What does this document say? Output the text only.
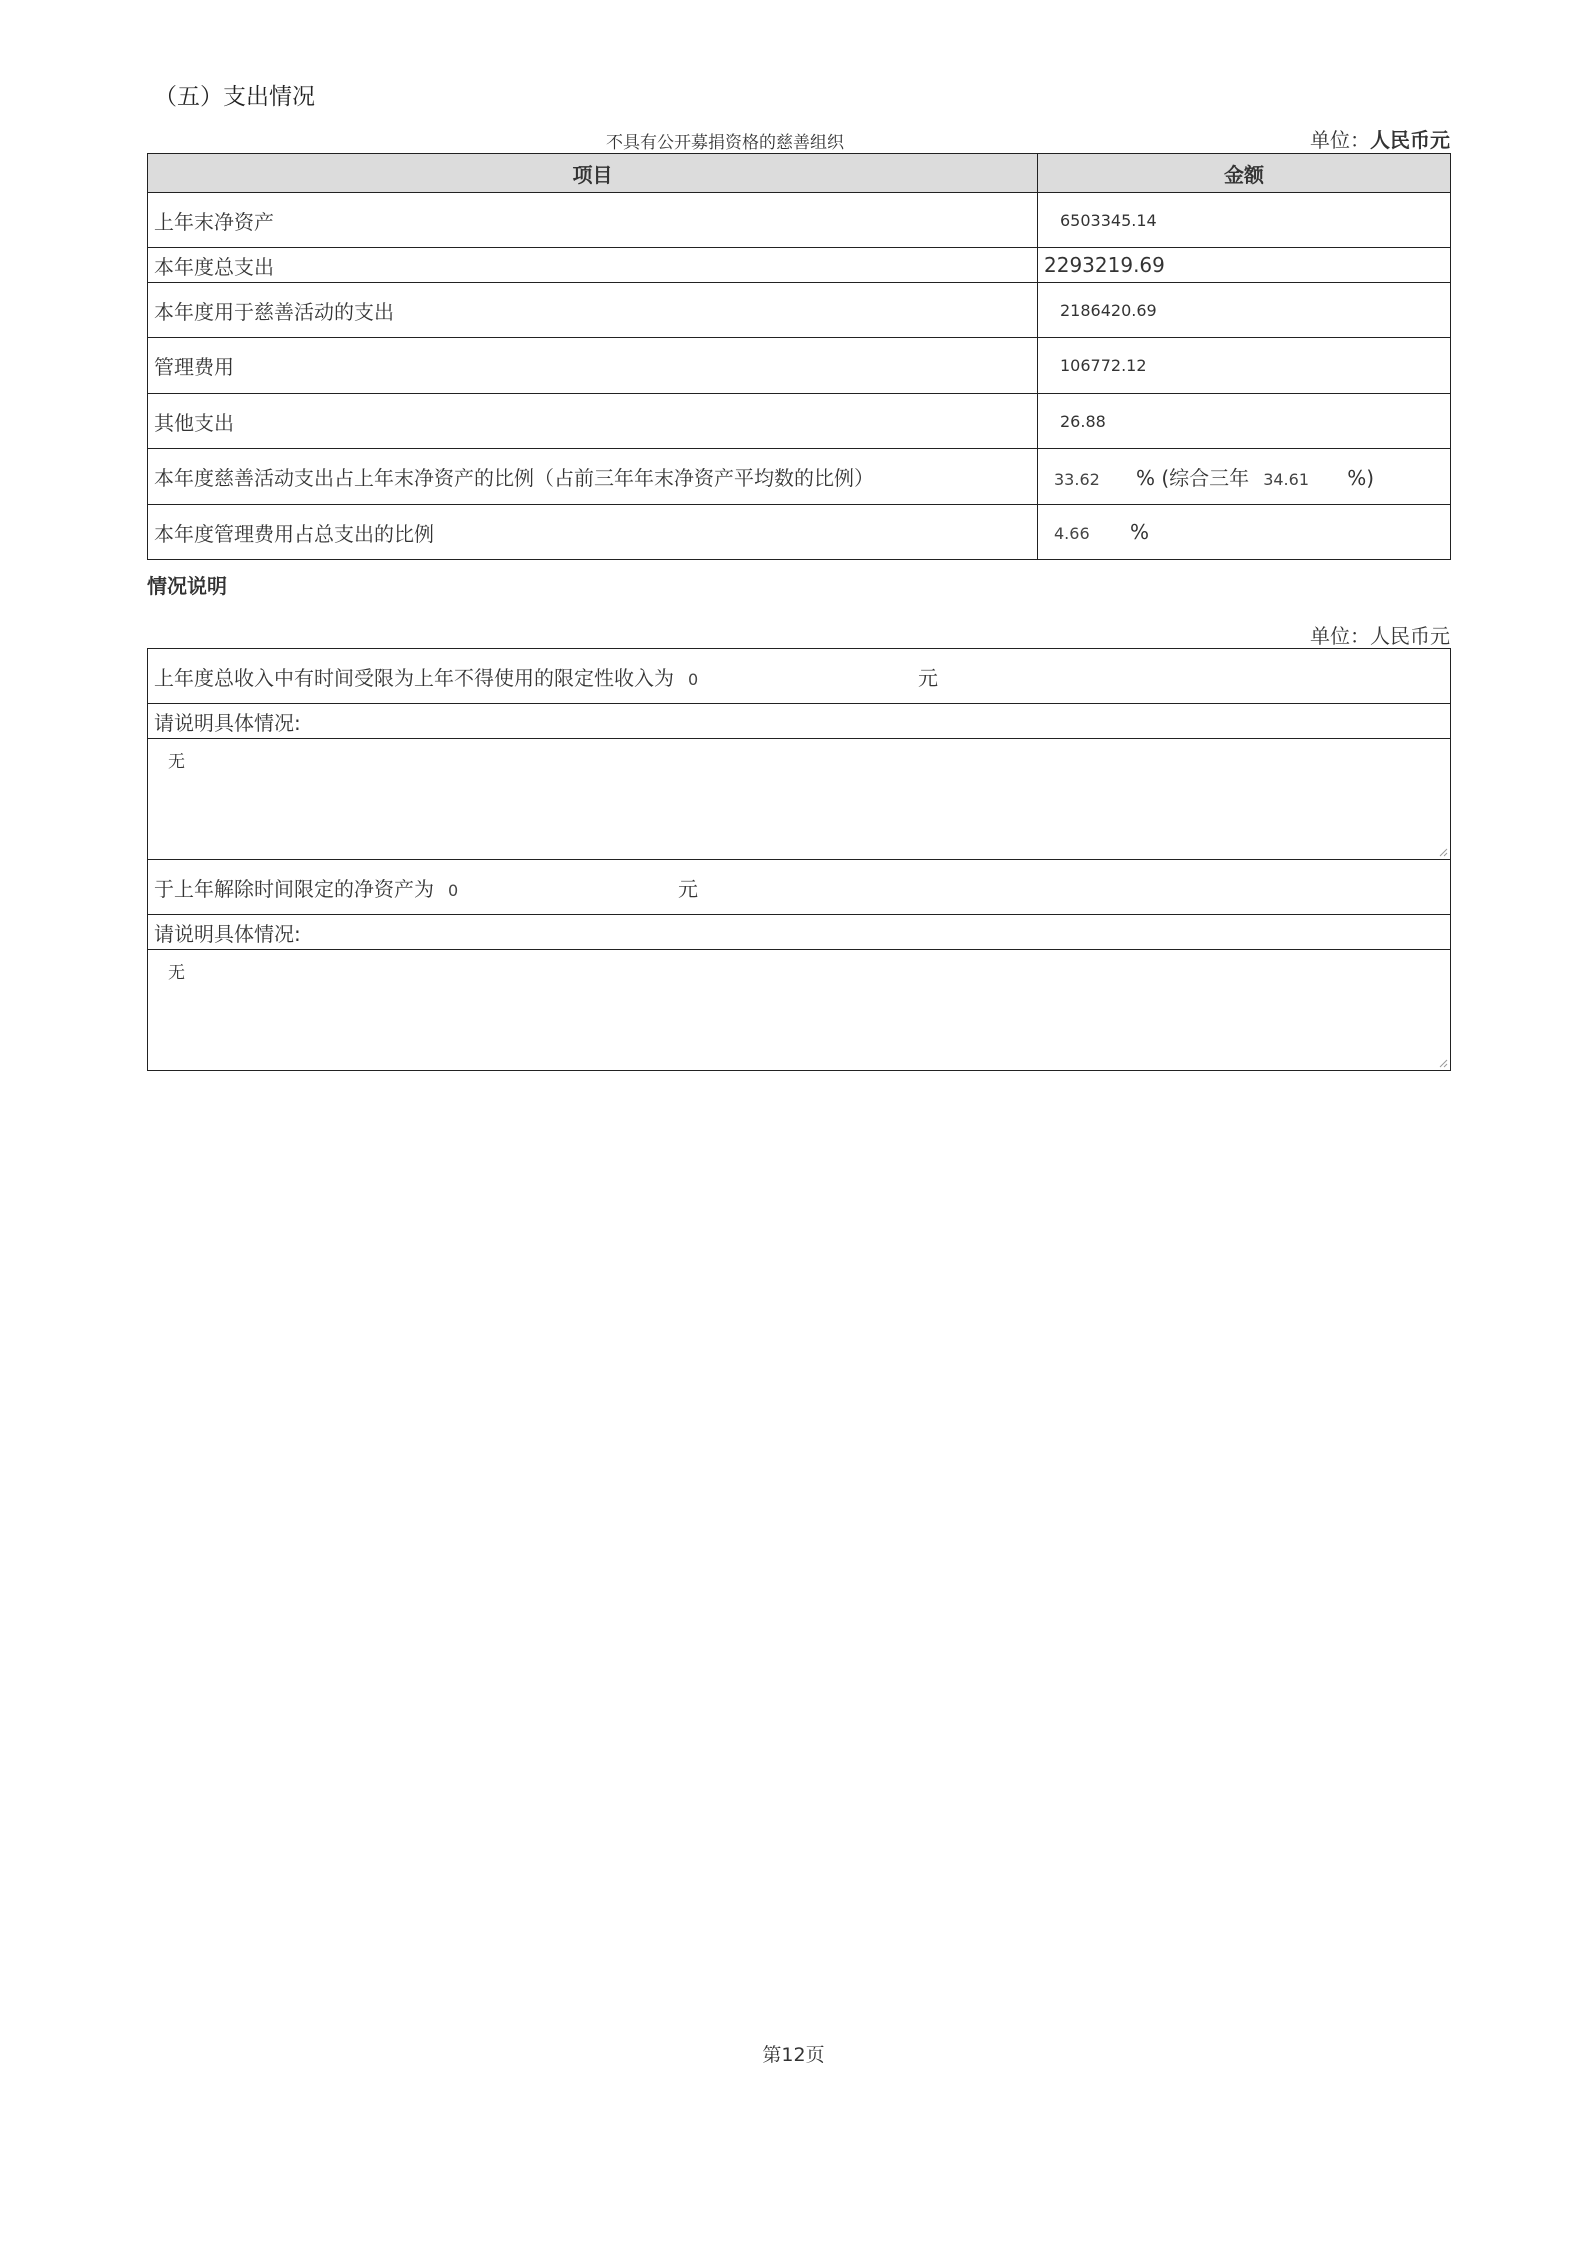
（五）支出情况
不具有公开募捐资格的慈善组织	单位：人民币元
项目	金额
上年末净资产	6503345.14
本年度总支出	2293219.69
本年度用于慈善活动的支出	2186420.69
管理费用	106772.12
其他支出	26.88
本年度慈善活动支出占上年末净资产的比例（占前三年年末净资产平均数的比例）	33.62 % (综合三年 34.61 %)
本年度管理费用占总支出的比例	4.66 %
情况说明
单位：人民币元
上年度总收入中有时间受限为上年不得使用的限定性收入为 0	元
请说明具体情况:

无

于上年解除时间限定的净资产为 0	元
请说明具体情况:

无
第12页
